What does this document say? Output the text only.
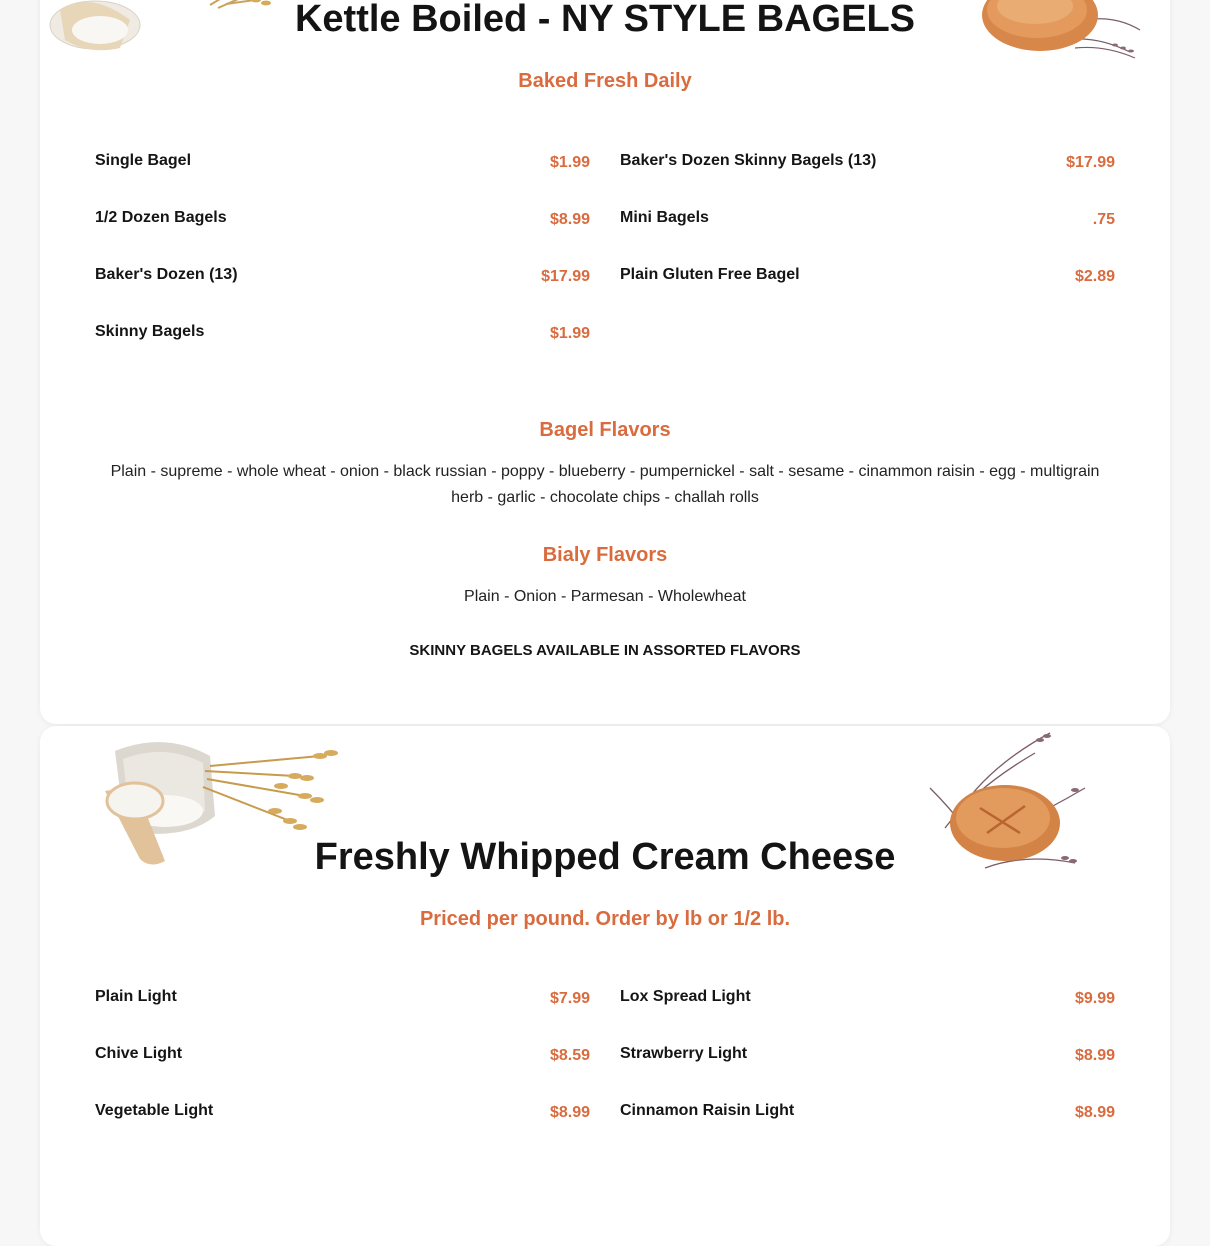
Kettle Boiled - NY STYLE BAGELS
Baked Fresh Daily
Single Bagel	$1.99
1/2 Dozen Bagels	$8.99
Baker's Dozen (13)	$17.99
Skinny Bagels	$1.99
Baker's Dozen Skinny Bagels (13)	$17.99
Mini Bagels	.75
Plain Gluten Free Bagel	$2.89
Bagel Flavors
Plain - supreme - whole wheat - onion - black russian - poppy - blueberry - pumpernickel - salt - sesame - cinammon raisin - egg - multigrain herb - garlic - chocolate chips - challah rolls
Bialy Flavors
Plain - Onion - Parmesan - Wholewheat
SKINNY BAGELS AVAILABLE IN ASSORTED FLAVORS
Freshly Whipped Cream Cheese
Priced per pound. Order by lb or 1/2 lb.
Plain Light	$7.99
Chive Light	$8.59
Vegetable Light	$8.99
Lox Spread Light	$9.99
Strawberry Light	$8.99
Cinnamon Raisin Light	$8.99
